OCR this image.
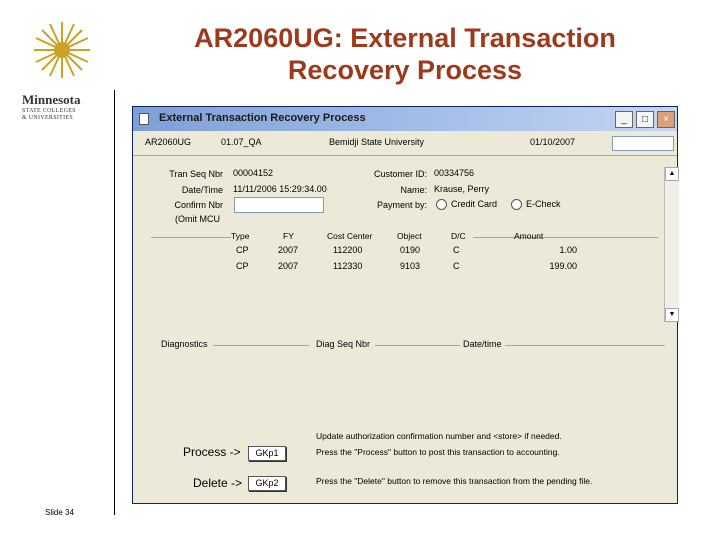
Minnesota
STATE COLLEGES
& UNIVERSITIES
AR2060UG: External Transaction Recovery Process
Slide 34
External Transaction Recovery Process	_	□	×
AR2060UG	01.07_QA	Bemidji State University	01/10/2007
▲
▼
Tran Seq Nbr 00004152
Date/Time 11/11/2006 15:29:34.00
Confirm Nbr
(Omit MCU
Customer ID: 00334756
Name: Krause, Perry
Payment by:	Credit Card	E-Check
Type	FY	Cost Center	Object	D/C	Amount
CP	2007	112200	0190	C	1.00
CP	2007	112330	9103	C	199.00
Diagnostics	Diag Seq Nbr	Date/time
Update authorization confirmation number and <store> if needed.
Process ->	GKp1	Press the "Process" button to post this transaction to accounting.
Delete ->	GKp2	Press the "Delete" button to remove this transaction from the pending file.
